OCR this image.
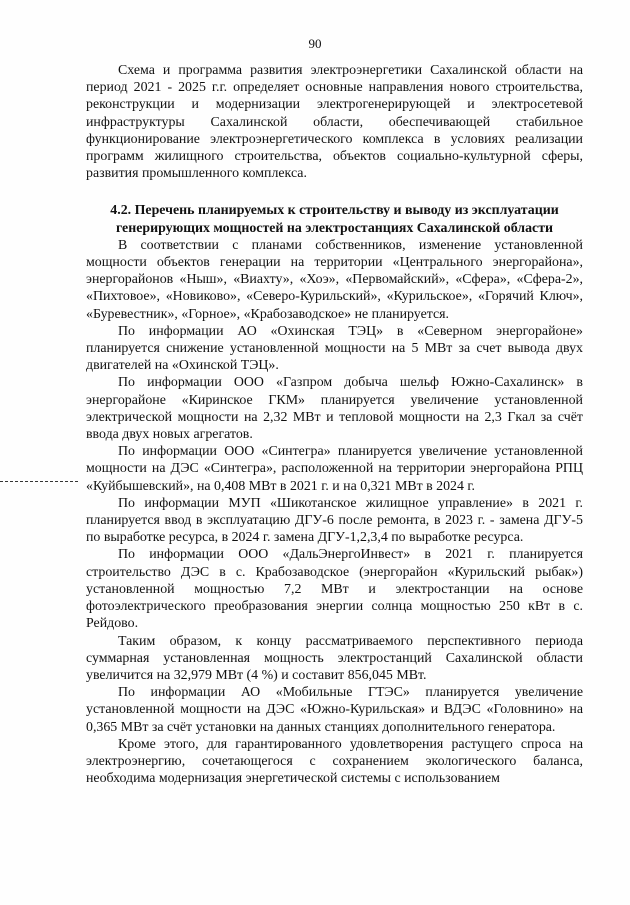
90

Схема и программа развития электроэнергетики Сахалинской области на период 2021 - 2025 г.г. определяет основные направления нового строительства, реконструкции и модернизации электрогенерирующей и электросетевой инфраструктуры Сахалинской области, обеспечивающей стабильное функционирование электроэнергетического комплекса в условиях реализации программ жилищного строительства, объектов социально-культурной сферы, развития промышленного комплекса.

4.2. Перечень планируемых к строительству и выводу из эксплуатации генерирующих мощностей на электростанциях Сахалинской области

В соответствии с планами собственников, изменение установленной мощности объектов генерации на территории «Центрального энергорайона», энергорайонов «Ныш», «Виахту», «Хоэ», «Первомайский», «Сфера», «Сфера-2», «Пихтовое», «Новиково», «Северо-Курильский», «Курильское», «Горячий Ключ», «Буревестник», «Горное», «Крабозаводское» не планируется.

По информации АО «Охинская ТЭЦ» в «Северном энергорайоне» планируется снижение установленной мощности на 5 МВт за счет вывода двух двигателей на «Охинской ТЭЦ».

По информации ООО «Газпром добыча шельф Южно-Сахалинск» в энергорайоне «Киринское ГКМ» планируется увеличение установленной электрической мощности на 2,32 МВт и тепловой мощности на 2,3 Гкал за счёт ввода двух новых агрегатов.

По информации ООО «Синтегра» планируется увеличение установленной мощности на ДЭС «Синтегра», расположенной на территории энергорайона РПЦ «Куйбышевский», на 0,408 МВт в 2021 г. и на 0,321 МВт в 2024 г.

По информации МУП «Шикотанское жилищное управление» в 2021 г. планируется ввод в эксплуатацию ДГУ-6 после ремонта, в 2023 г. - замена ДГУ-5 по выработке ресурса, в 2024 г. замена ДГУ-1,2,3,4 по выработке ресурса.

По информации ООО «ДальЭнергоИнвест» в 2021 г. планируется строительство ДЭС в с. Крабозаводское (энергорайон «Курильский рыбак») установленной мощностью 7,2 МВт и электростанции на основе фотоэлектрического преобразования энергии солнца мощностью 250 кВт в с. Рейдово.

Таким образом, к концу рассматриваемого перспективного периода суммарная установленная мощность электростанций Сахалинской области увеличится на 32,979 МВт (4 %) и составит 856,045 МВт.

По информации АО «Мобильные ГТЭС» планируется увеличение установленной мощности на ДЭС «Южно-Курильская» и ВДЭС «Головнино» на 0,365 МВт за счёт установки на данных станциях дополнительного генератора.

Кроме этого, для гарантированного удовлетворения растущего спроса на электроэнергию, сочетающегося с сохранением экологического баланса, необходима модернизация энергетической системы с использованием
